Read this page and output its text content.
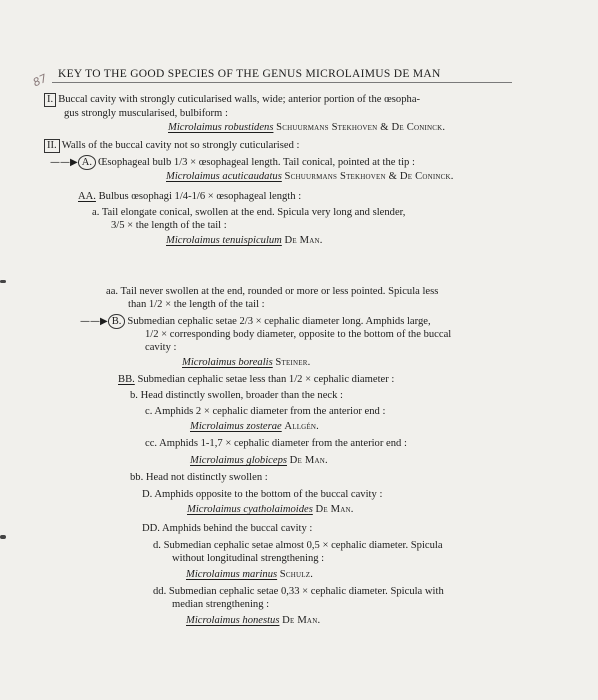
87 KEY TO THE GOOD SPECIES OF THE GENUS MICROLAIMUS DE MAN
I. Buccal cavity with strongly cuticularised walls, wide; anterior portion of the œsopha-
gus strongly muscularised, bulbiform :
Microlaimus robustidens Schuurmans Stekhoven & De Coninck.
II. Walls of the buccal cavity not so strongly cuticularised :
——▶ A. Œsophageal bulb 1/3 × œsophageal length. Tail conical, pointed at the tip :
Microlaimus acuticaudatus Schuurmans Stekhoven & De Coninck.
AA. Bulbus œsophagi 1/4-1/6 × œsophageal length :
a. Tail elongate conical, swollen at the end. Spicula very long and slender,
3/5 × the length of the tail :
Microlaimus tenuispiculum De Man.
aa. Tail never swollen at the end, rounded or more or less pointed. Spicula less
than 1/2 × the length of the tail :
——▶ B. Submedian cephalic setae 2/3 × cephalic diameter long. Amphids large,
1/2 × corresponding body diameter, opposite to the bottom of the buccal
cavity :
Microlaimus borealis Steiner.
BB. Submedian cephalic setae less than 1/2 × cephalic diameter :
b. Head distinctly swollen, broader than the neck :
c. Amphids 2 × cephalic diameter from the anterior end :
Microlaimus zosterae Allgén.
cc. Amphids 1-1,7 × cephalic diameter from the anterior end :
Microlaimus globiceps De Man.
bb. Head not distinctly swollen :
D. Amphids opposite to the bottom of the buccal cavity :
Microlaimus cyatholaimoides De Man.
DD. Amphids behind the buccal cavity :
d. Submedian cephalic setae almost 0,5 × cephalic diameter. Spicula
without longitudinal strengthening :
Microlaimus marinus Schulz.
dd. Submedian cephalic setae 0,33 × cephalic diameter. Spicula with
median strengthening :
Microlaimus honestus De Man.
